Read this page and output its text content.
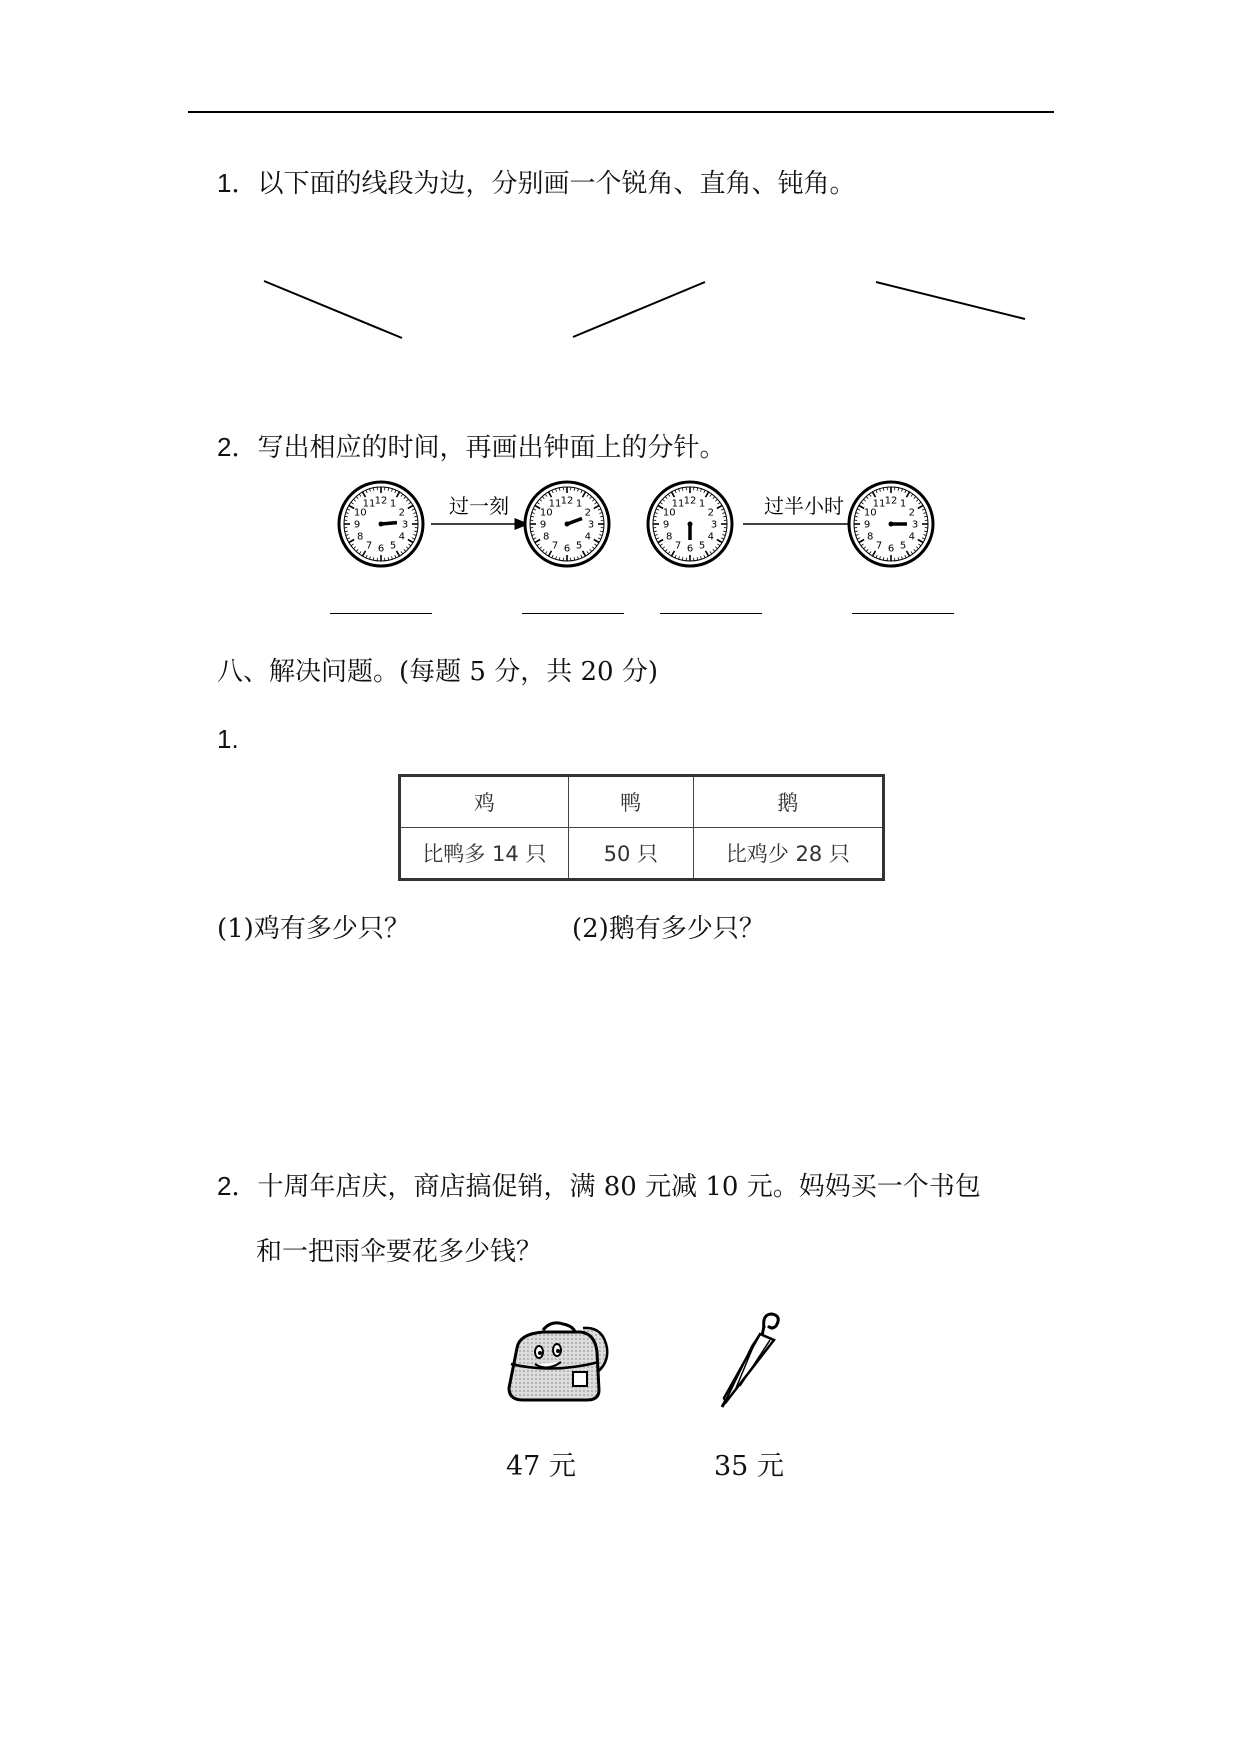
1．以下面的线段为边，分别画一个锐角、直角、钝角。
2．写出相应的时间，再画出钟面上的分针。
过一刻	过半小时
12 1
2
3
4
5
6
7
8
9
10
11	12 1
2
3
4
5
6
7
8
9
10
11	12 1
2
3
4
5
6
7
8
9
10
11	12 1
2
3
4
5
6
7
8
9
10
11
八、解决问题。(每题 5 分，共 20 分)
1.
鸡	鸭	鹅
比鸭多 14 只	50 只	比鸡少 28 只
(1)鸡有多少只？	(2)鹅有多少只？
2．十周年店庆，商店搞促销，满 80 元减 10 元。妈妈买一个书包
和一把雨伞要花多少钱？
47 元	35 元
